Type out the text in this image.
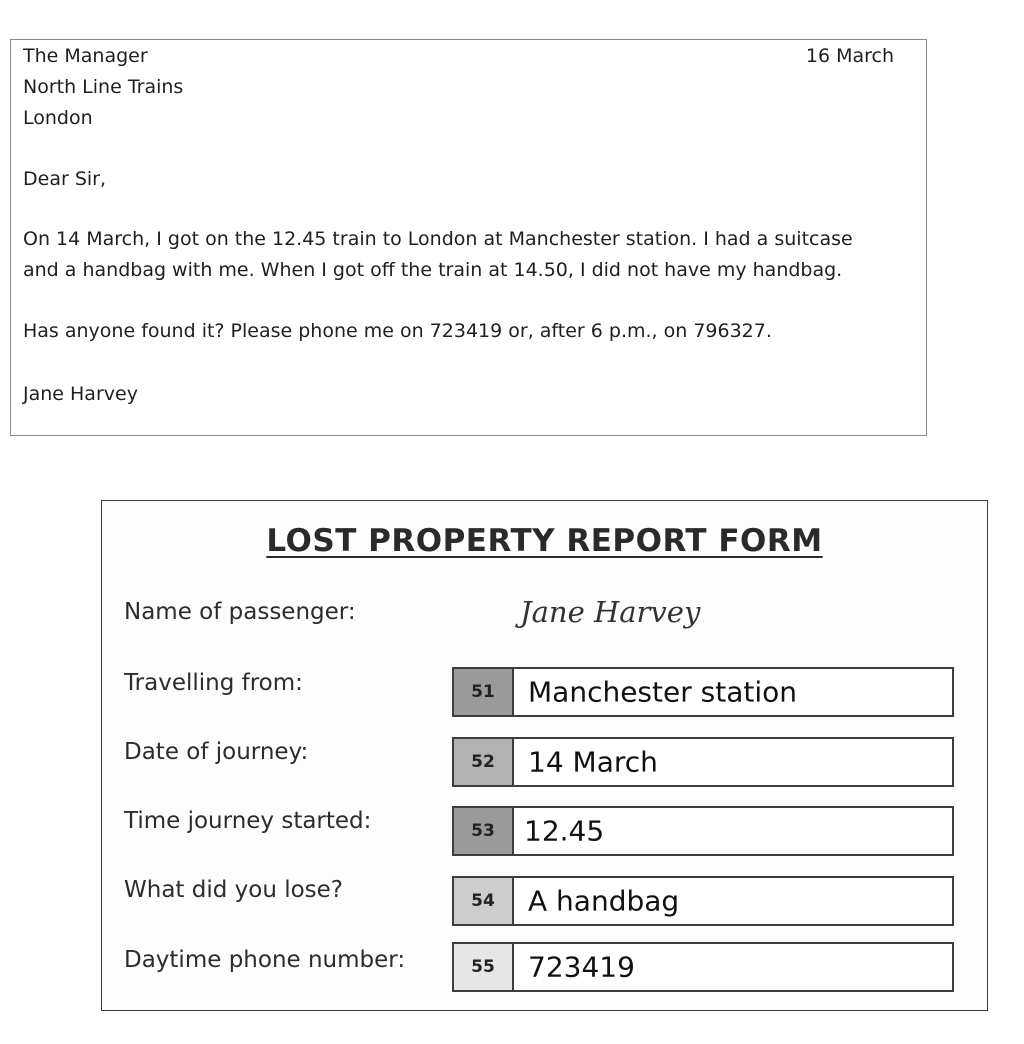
The Manager
North Line Trains
London
16 March
Dear Sir,
On 14 March, I got on the 12.45 train to London at Manchester station. I had a suitcase
and a handbag with me. When I got off the train at 14.50, I did not have my handbag.
Has anyone found it? Please phone me on 723419 or, after 6 p.m., on 796327.
Jane Harvey
LOST PROPERTY REPORT FORM
Name of passenger:	Jane Harvey
Travelling from:	51 Manchester station
Date of journey:	52 14 March
Time journey started:	53 12.45
What did you lose?	54 A handbag
Daytime phone number:	55 723419
